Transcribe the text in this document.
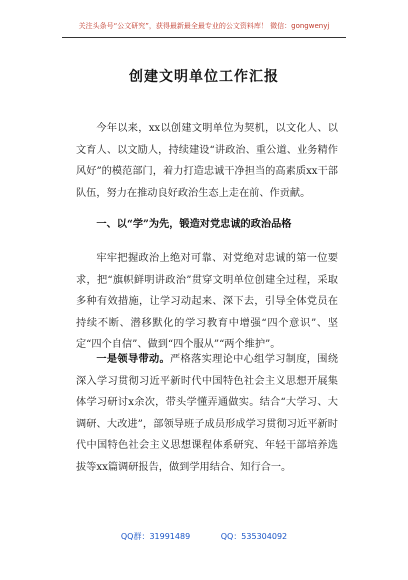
关注头条号“公文研究”，获得最新最全最专业的公文资料库！ 微信：gongwenyj
创建文明单位工作汇报
今年以来，xx以创建文明单位为契机，以文化人、以文育人、以文励人，持续建设“讲政治、重公道、业务精作风好”的模范部门，着力打造忠诚干净担当的高素质xx干部队伍，努力在推动良好政治生态上走在前、作贡献。
一、以“学”为先，锻造对党忠诚的政治品格
牢牢把握政治上绝对可靠、对党绝对忠诚的第一位要求，把“旗帜鲜明讲政治”贯穿文明单位创建全过程，采取多种有效措施，让学习动起来、深下去，引导全体党员在持续不断、潜移默化的学习教育中增强“四个意识”、坚定“四个自信”、做到“四个服从”“两个维护”。
一是领导带动。严格落实理论中心组学习制度，围绕深入学习贯彻习近平新时代中国特色社会主义思想开展集体学习研讨x余次，带头学懂弄通做实。结合“大学习、大调研、大改进”，部领导班子成员形成学习贯彻习近平新时代中国特色社会主义思想课程体系研究、年轻干部培养选拔等xx篇调研报告，做到学用结合、知行合一。
QQ群：31991489	QQ：535304092
